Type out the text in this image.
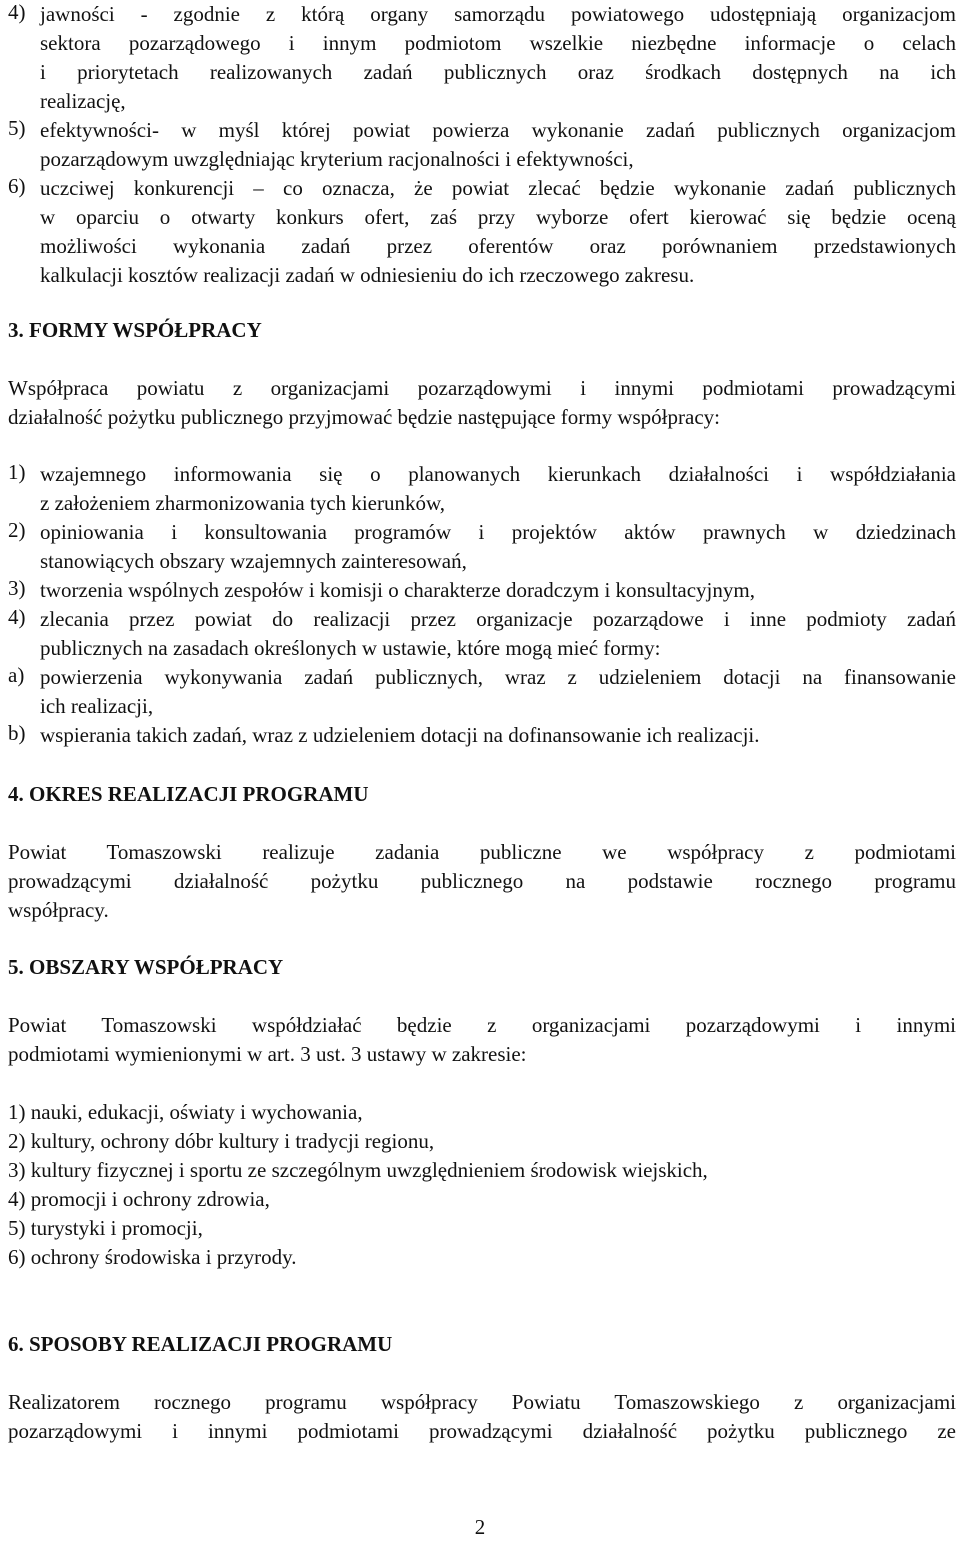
4) jawności - zgodnie z którą organy samorządu powiatowego udostępniają organizacjom

sektora pozarządowego i innym podmiotom wszelkie niezbędne informacje o celach

i priorytetach realizowanych zadań publicznych oraz środkach dostępnych na ich

realizację,

5) efektywności- w myśl której powiat powierza wykonanie zadań publicznych organizacjom

pozarządowym uwzględniając kryterium racjonalności i efektywności,

6) uczciwej konkurencji – co oznacza, że powiat zlecać będzie wykonanie zadań publicznych

w oparciu o otwarty konkurs ofert, zaś przy wyborze ofert kierować się będzie oceną

możliwości wykonania zadań przez oferentów oraz porównaniem przedstawionych

kalkulacji kosztów realizacji zadań w odniesieniu do ich rzeczowego zakresu.

3. FORMY WSPÓŁPRACY

Współpraca powiatu z organizacjami pozarządowymi i innymi podmiotami prowadzącymi

działalność pożytku publicznego przyjmować będzie następujące formy współpracy:

1) wzajemnego informowania się o planowanych kierunkach działalności i współdziałania

z założeniem zharmonizowania tych kierunków,

2) opiniowania i konsultowania programów i projektów aktów prawnych w dziedzinach

stanowiących obszary wzajemnych zainteresowań,

3) tworzenia wspólnych zespołów i komisji o charakterze doradczym i konsultacyjnym,

4) zlecania przez powiat do realizacji przez organizacje pozarządowe i inne podmioty zadań

publicznych na zasadach określonych w ustawie, które mogą mieć formy:

a) powierzenia wykonywania zadań publicznych, wraz z udzieleniem dotacji na finansowanie

ich realizacji,

b) wspierania takich zadań, wraz z udzieleniem dotacji na dofinansowanie ich realizacji.

4. OKRES REALIZACJI PROGRAMU

Powiat Tomaszowski realizuje zadania publiczne we współpracy z podmiotami

prowadzącymi działalność pożytku publicznego na podstawie rocznego programu

współpracy.

5. OBSZARY WSPÓŁPRACY

Powiat Tomaszowski współdziałać będzie z organizacjami pozarządowymi i innymi

podmiotami wymienionymi w art. 3 ust. 3 ustawy w zakresie:

1) nauki, edukacji, oświaty i wychowania,

2) kultury, ochrony dóbr kultury i tradycji regionu,

3) kultury fizycznej i sportu ze szczególnym uwzględnieniem środowisk wiejskich,

4) promocji i ochrony zdrowia,

5) turystyki i promocji,

6) ochrony środowiska i przyrody.

6. SPOSOBY REALIZACJI PROGRAMU

Realizatorem rocznego programu współpracy Powiatu Tomaszowskiego z organizacjami

pozarządowymi i innymi podmiotami prowadzącymi działalność pożytku publicznego ze

2
